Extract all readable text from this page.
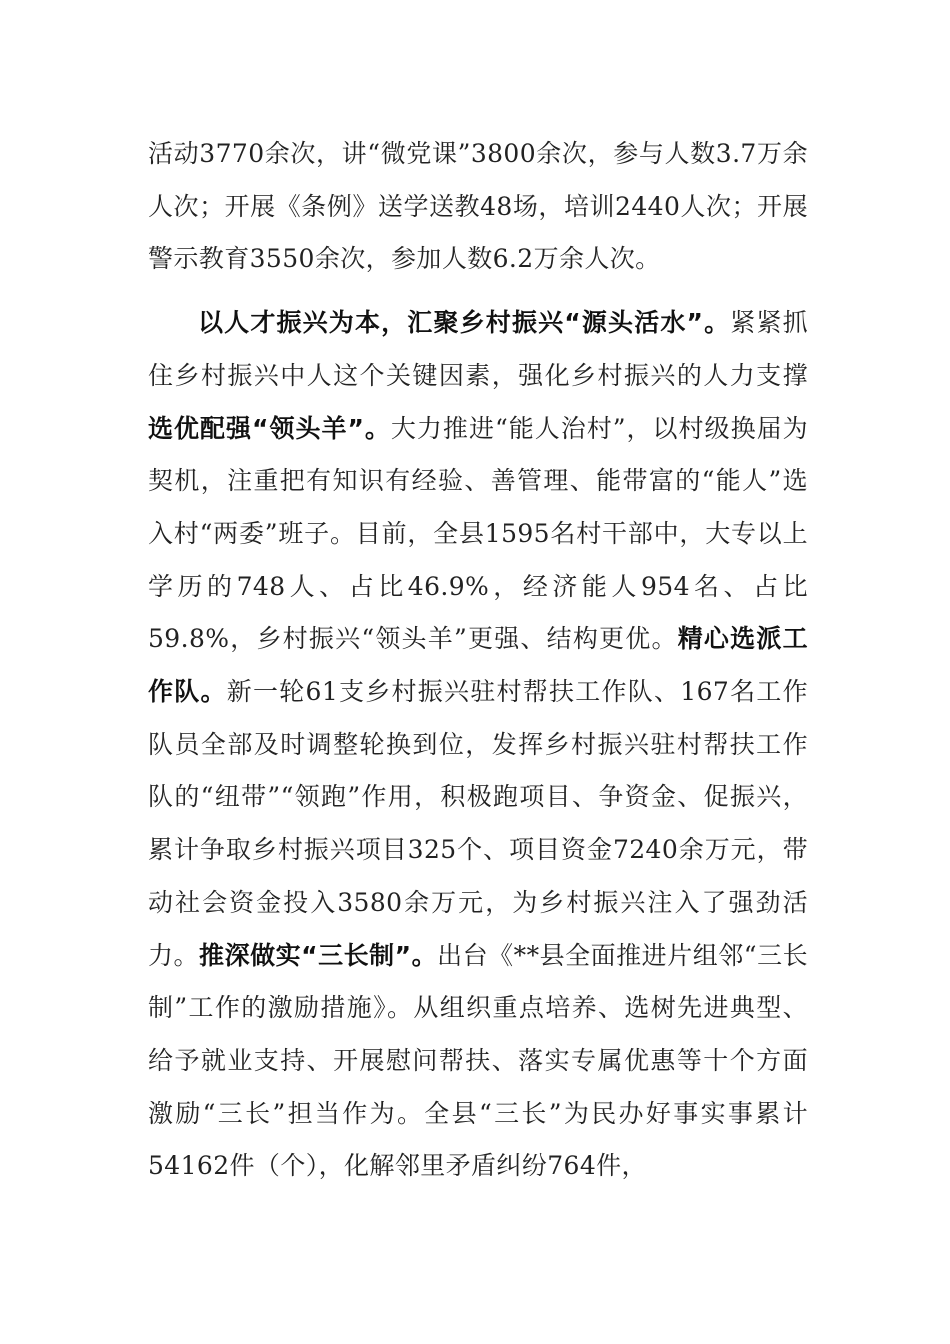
活动3770余次，讲“微党课”3800余次，参与人数3.7万余人次；开展《条例》送学送教48场，培训2440人次；开展警示教育3550余次，参加人数6.2万余人次。

以人才振兴为本，汇聚乡村振兴“源头活水”。紧紧抓住乡村振兴中人这个关键因素，强化乡村振兴的人力支撑选优配强“领头羊”。大力推进“能人治村”，以村级换届为契机，注重把有知识有经验、善管理、能带富的“能人”选入村“两委”班子。目前，全县1595名村干部中，大专以上学历的748人、占比46.9%，经济能人954名、占比59.8%，乡村振兴“领头羊”更强、结构更优。精心选派工作队。新一轮61支乡村振兴驻村帮扶工作队、167名工作队员全部及时调整轮换到位，发挥乡村振兴驻村帮扶工作队的“纽带”“领跑”作用，积极跑项目、争资金、促振兴，累计争取乡村振兴项目325个、项目资金7240余万元，带动社会资金投入3580余万元，为乡村振兴注入了强劲活力。推深做实“三长制”。出台《**县全面推进片组邻“三长制”工作的激励措施》。从组织重点培养、选树先进典型、给予就业支持、开展慰问帮扶、落实专属优惠等十个方面激励“三长”担当作为。全县“三长”为民办好事实事累计54162件（个），化解邻里矛盾纠纷764件，
